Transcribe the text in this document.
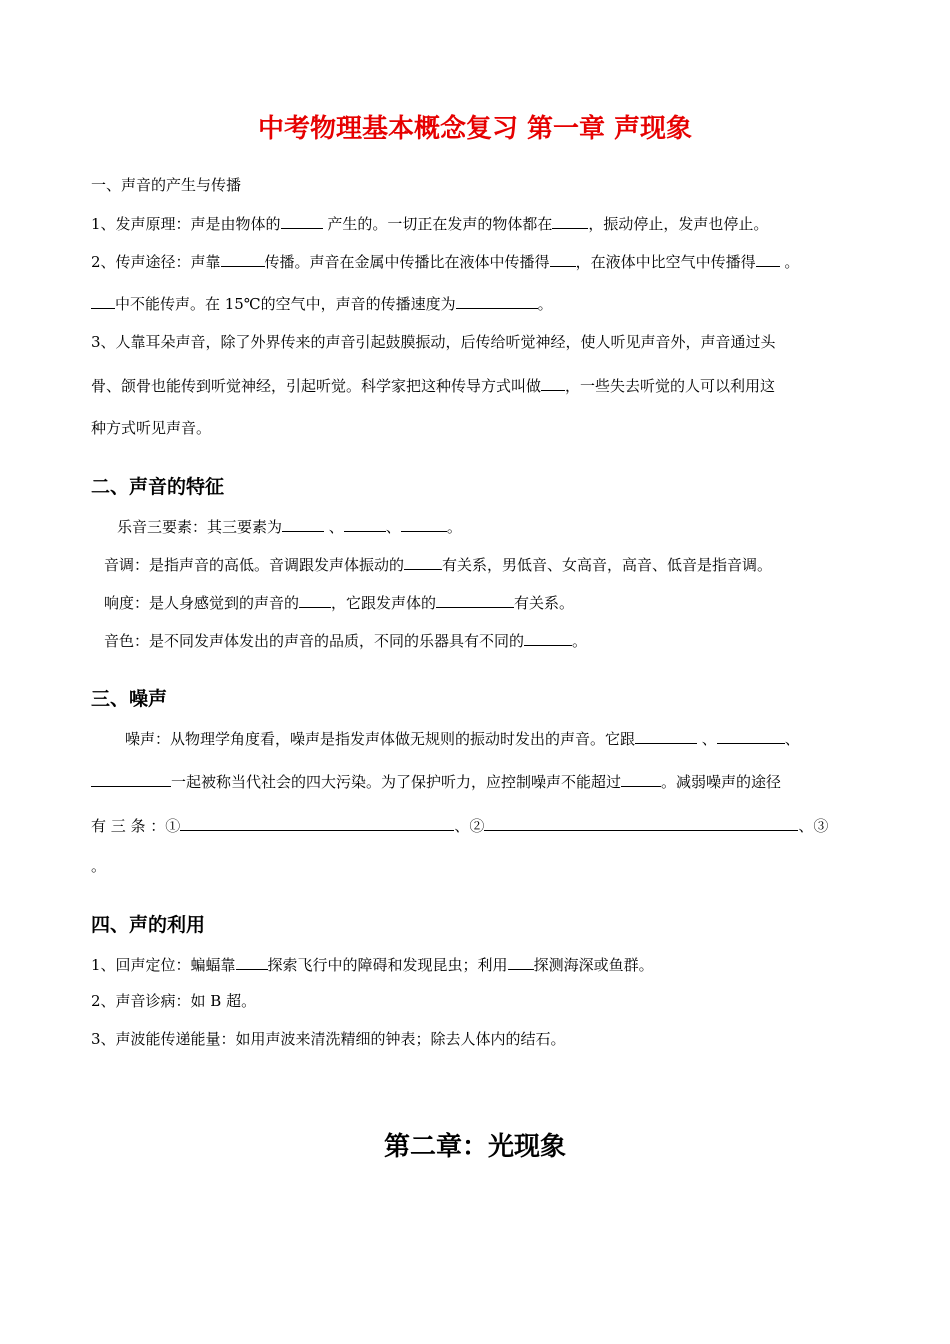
中考物理基本概念复习 第一章 声现象
一、声音的产生与传播
1、发声原理：声是由物体的	产生的。一切正在发声的物体都在 ，振动停止，发声也停止。
2、传声途径：声靠	传播。声音在金属中传播比在液体中传播得 ，在液体中比空气中传播得 。
中不能传声。在 15℃的空气中，声音的传播速度为	。
3、人靠耳朵声音，除了外界传来的声音引起鼓膜振动，后传给听觉神经，使人听见声音外，声音通过头
骨、颌骨也能传到听觉神经，引起听觉。科学家把这种传导方式叫做 ，一些失去听觉的人可以利用这
种方式听见声音。
二、声音的特征
乐音三要素：其三要素为	、	、	。
音调：是指声音的高低。音调跟发声体振动的	有关系，男低音、女高音，高音、低音是指音调。
响度：是人身感觉到的声音的 ，它跟发声体的	有关系。
音色：是不同发声体发出的声音的品质，不同的乐器具有不同的	。
三、噪声
噪声：从物理学角度看，噪声是指发声体做无规则的振动时发出的声音。它跟	、	、
一起被称当代社会的四大污染。为了保护听力，应控制噪声不能超过	。减弱噪声的途径
有 三 条 ：①	、②	、③
。
四、声的利用
1、回声定位：蝙蝠靠 探索飞行中的障碍和发现昆虫；利用 探测海深或鱼群。
2、声音诊病：如 B 超。
3、声波能传递能量：如用声波来清洗精细的钟表；除去人体内的结石。
第二章：光现象
